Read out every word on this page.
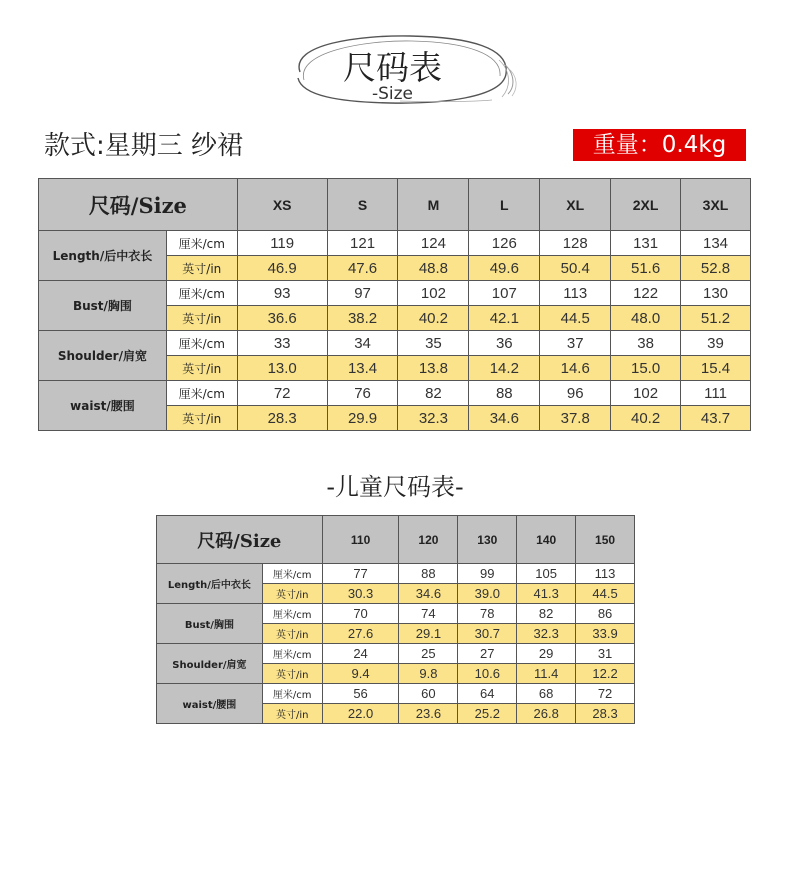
尺码表
-Size
款式:星期三 纱裙	重量：0.4kg
尺码/Size		XS	S	M	L	XL	2XL	3XL
Length/后中衣长	厘米/cm	119	121	124	126	128	131	134
	英寸/in	46.9	47.6	48.8	49.6	50.4	51.6	52.8
Bust/胸围	厘米/cm	93	97	102	107	113	122	130
	英寸/in	36.6	38.2	40.2	42.1	44.5	48.0	51.2
Shoulder/肩宽	厘米/cm	33	34	35	36	37	38	39
	英寸/in	13.0	13.4	13.8	14.2	14.6	15.0	15.4
waist/腰围	厘米/cm	72	76	82	88	96	102	111
	英寸/in	28.3	29.9	32.3	34.6	37.8	40.2	43.7
-儿童尺码表-
尺码/Size		110	120	130	140	150
Length/后中衣长	厘米/cm	77	88	99	105	113
	英寸/in	30.3	34.6	39.0	41.3	44.5
Bust/胸围	厘米/cm	70	74	78	82	86
	英寸/in	27.6	29.1	30.7	32.3	33.9
Shoulder/肩宽	厘米/cm	24	25	27	29	31
	英寸/in	9.4	9.8	10.6	11.4	12.2
waist/腰围	厘米/cm	56	60	64	68	72
	英寸/in	22.0	23.6	25.2	26.8	28.3
